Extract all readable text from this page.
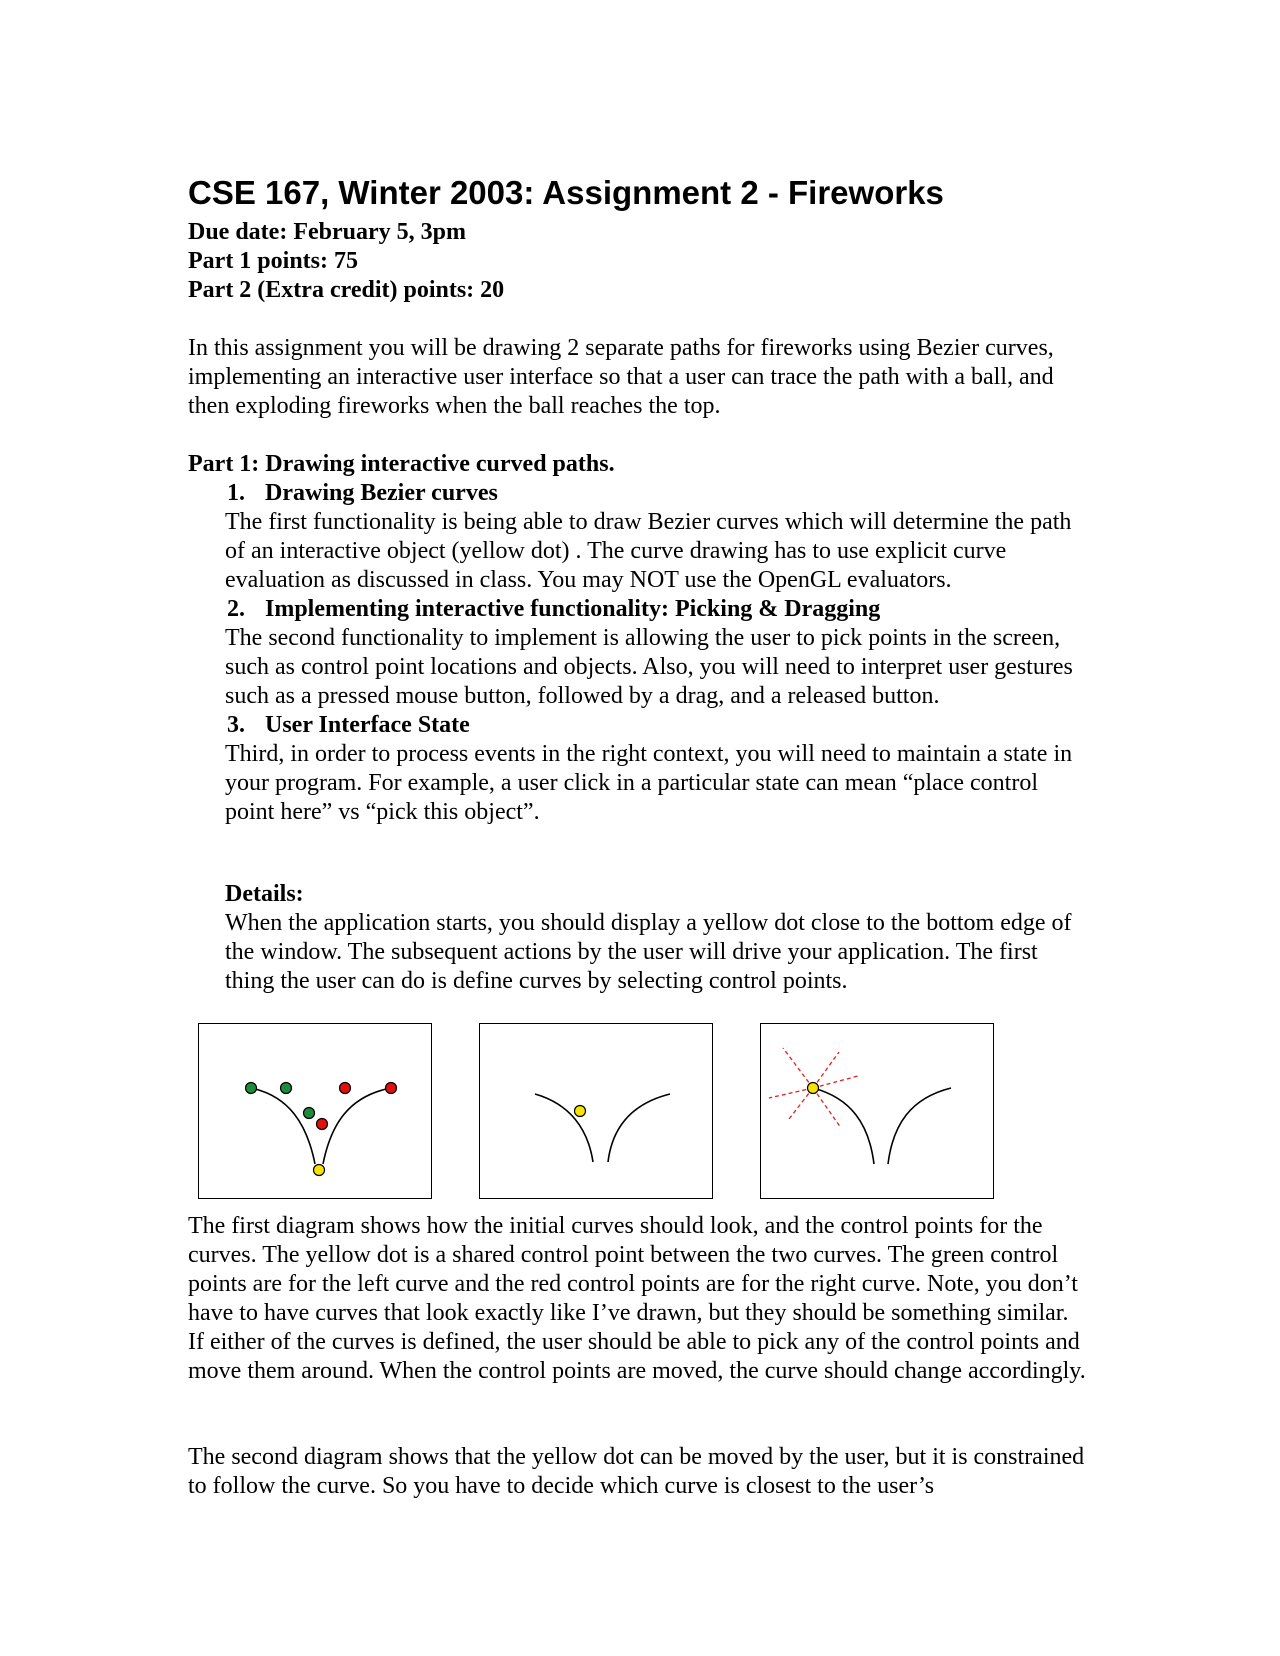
CSE 167, Winter 2003: Assignment 2 - Fireworks
Due date: February 5, 3pm
Part 1 points: 75
Part 2 (Extra credit) points: 20

In this assignment you will be drawing 2 separate paths for fireworks using Bezier curves, implementing an interactive user interface so that a user can trace the path with a ball, and then exploding fireworks when the ball reaches the top.

Part 1: Drawing interactive curved paths.
1. Drawing Bezier curves

The first functionality is being able to draw Bezier curves which will determine the path of an interactive object (yellow dot) . The curve drawing has to use explicit curve evaluation as discussed in class. You may NOT use the OpenGL evaluators.

2. Implementing interactive functionality: Picking & Dragging

The second functionality to implement is allowing the user to pick points in the screen, such as control point locations and objects. Also, you will need to interpret user gestures such as a pressed mouse button, followed by a drag, and a released button.

3. User Interface State

Third, in order to process events in the right context, you will need to maintain a state in your program. For example, a user click in a particular state can mean “place control point here” vs “pick this object”.

Details:

When the application starts, you should display a yellow dot close to the bottom edge of the window. The subsequent actions by the user will drive your application. The first thing the user can do is define curves by selecting control points.

The first diagram shows how the initial curves should look, and the control points for the curves. The yellow dot is a shared control point between the two curves. The green control points are for the left curve and the red control points are for the right curve. Note, you don’t have to have curves that look exactly like I’ve drawn, but they should be something similar. If either of the curves is defined, the user should be able to pick any of the control points and move them around. When the control points are moved, the curve should change accordingly.

The second diagram shows that the yellow dot can be moved by the user, but it is constrained to follow the curve. So you have to decide which curve is closest to the user’s
